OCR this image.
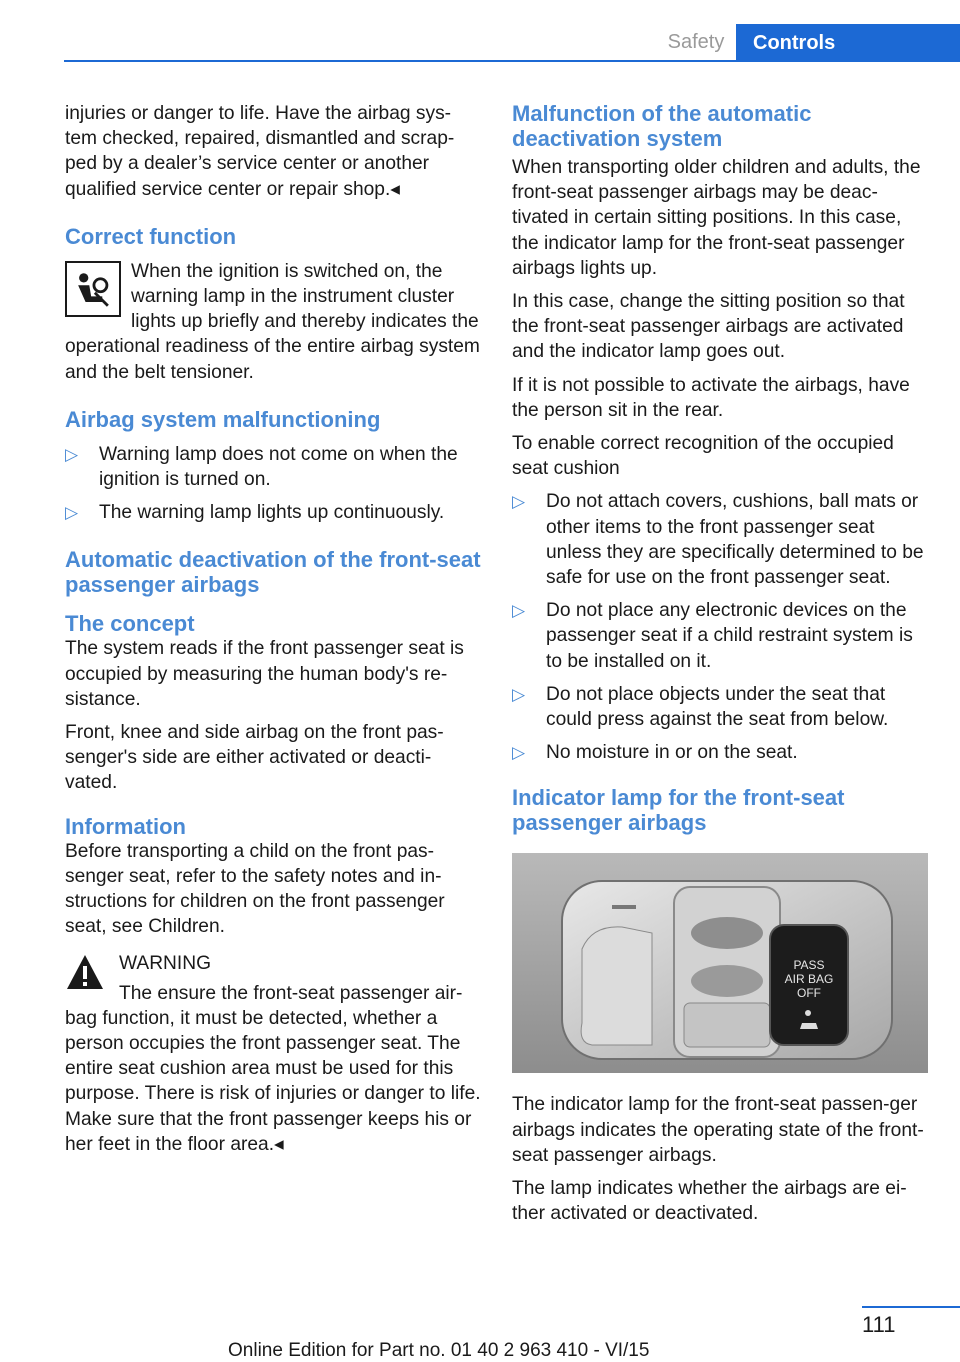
Safety	Controls

injuries or danger to life. Have the airbag sys-tem checked, repaired, dismantled and scrap-ped by a dealer’s service center or another qualified service center or repair shop.◂

Correct function

When the ignition is switched on, the warning lamp in the instrument cluster lights up briefly and thereby indicates the operational readiness of the entire airbag system and the belt tensioner.

Airbag system malfunctioning
▷ Warning lamp does not come on when the ignition is turned on.
▷ The warning lamp lights up continuously.
Automatic deactivation of the front-seat passenger airbags
The concept

The system reads if the front passenger seat is occupied by measuring the human body's re-sistance.

Front, knee and side airbag on the front pas-senger's side are either activated or deacti-vated.

Information

Before transporting a child on the front pas-senger seat, refer to the safety notes and in-structions for children on the front passenger seat, see Children.

WARNING

The ensure the front-seat passenger air-bag function, it must be detected, whether a person occupies the front passenger seat. The entire seat cushion area must be used for this purpose. There is risk of injuries or danger to life. Make sure that the front passenger keeps his or her feet in the floor area.◂

Malfunction of the automatic deactivation system

When transporting older children and adults, the front-seat passenger airbags may be deac-tivated in certain sitting positions. In this case, the indicator lamp for the front-seat passenger airbags lights up.

In this case, change the sitting position so that the front-seat passenger airbags are activated and the indicator lamp goes out.

If it is not possible to activate the airbags, have the person sit in the rear.

To enable correct recognition of the occupied seat cushion

▷ Do not attach covers, cushions, ball mats or other items to the front passenger seat unless they are specifically determined to be safe for use on the front passenger seat.
▷ Do not place any electronic devices on the passenger seat if a child restraint system is to be installed on it.
▷ Do not place objects under the seat that could press against the seat from below.
▷ No moisture in or on the seat.
Indicator lamp for the front-seat passenger airbags
PASS
AIR BAG
OFF

The indicator lamp for the front-seat passen-ger airbags indicates the operating state of the front-seat passenger airbags.

The lamp indicates whether the airbags are ei-ther activated or deactivated.

111
Online Edition for Part no. 01 40 2 963 410 - VI/15
